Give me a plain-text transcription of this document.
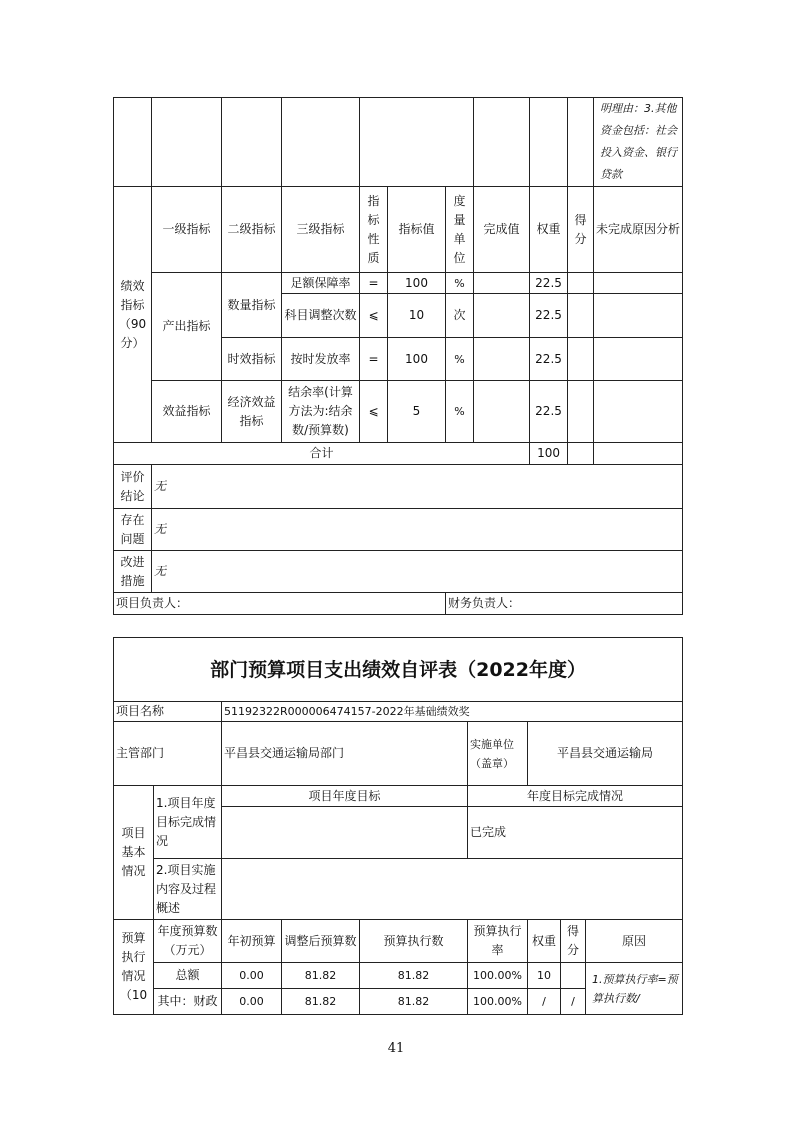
										明理由：3.其他资金包括：社会投入资金、银行贷款
绩效指标（90分）	一级指标	二级指标	三级指标	指标性质	指标值	度量单位	完成值	权重	得分	未完成原因分析
	产出指标	数量指标	足额保障率	=	100	%		22.5		
			科目调整次数	⩽	10	次		22.5		
		时效指标	按时发放率	=	100	%		22.5		
	效益指标	经济效益指标	结余率(计算方法为:结余数/预算数)	⩽	5	%		22.5		
合计								100		
评价结论	无									
存在问题	无									
改进措施	无									
项目负责人：						财务负责人：				
部门预算项目支出绩效自评表（2022年度）								
项目名称		51192322R000006474157-2022年基础绩效奖						
主管部门		平昌县交通运输局部门			实施单位（盖章）	平昌县交通运输局		
项目基本情况	1.项目年度目标完成情况	项目年度目标			年度目标完成情况			
					已完成			
	2.项目实施内容及过程概述							
预算执行情况（10	年度预算数（万元）	年初预算	调整后预算数	预算执行数	预算执行率	权重	得分	原因
	总额	0.00	81.82	81.82	100.00%	10		1.预算执行率=预算执行数/
	其中：财政	0.00	81.82	81.82	100.00%	/	/	
41
